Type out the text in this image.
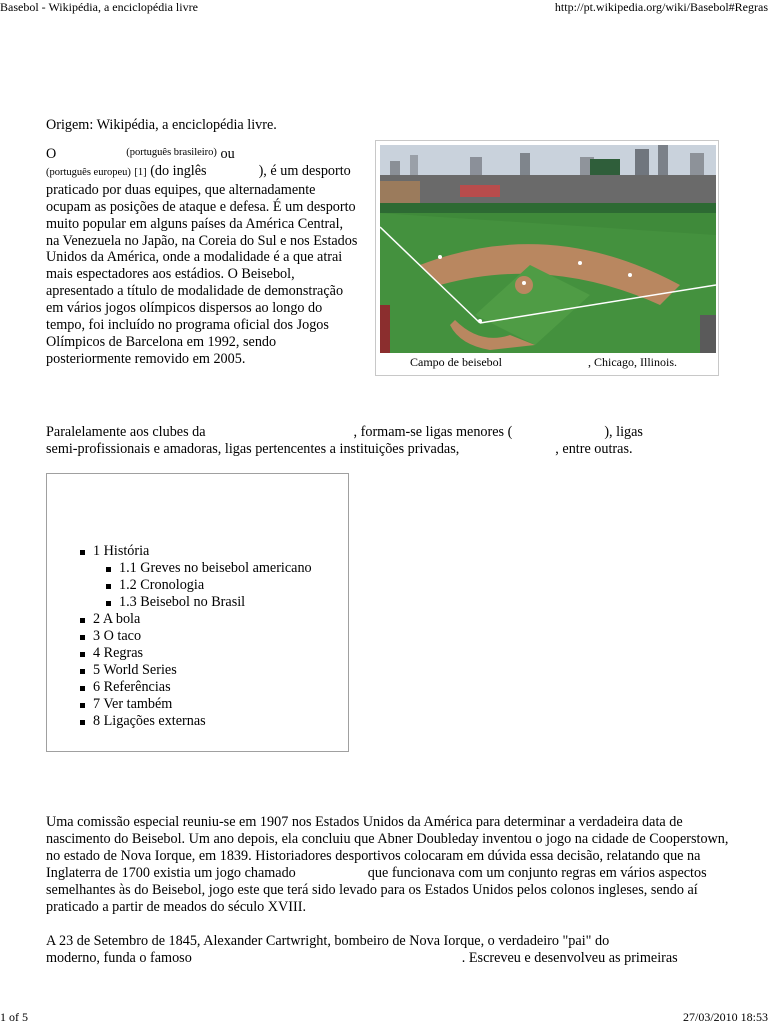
Basebol - Wikipédia, a enciclopédia livre	http://pt.wikipedia.org/wiki/Basebol#Regras

Origem: Wikipédia, a enciclopédia livre.

O	$^{(português brasileiro)}$ ou
(português europeu) [1] (do inglês	), é um desporto praticado por duas equipes, que alternadamente ocupam as posições de ataque e defesa. É um desporto muito popular em alguns países da América Central, na Venezuela no Japão, na Coreia do Sul e nos Estados Unidos da América, onde a modalidade é a que atrai mais espectadores aos estádios. O Beisebol, apresentado a título de modalidade de demonstração em vários jogos olímpicos dispersos ao longo do tempo, foi incluído no programa oficial dos Jogos Olímpicos de Barcelona em 1992, sendo posteriormente removido em 2005.	Campo de beisebol	, Chicago, Illinois.

Paralelamente aos clubes da	, formam-se ligas menores (	), ligas
semi-profissionais e amadoras, ligas pertencentes a instituições privadas,	, entre outras.

1 História
1.1 Greves no beisebol americano
1.2 Cronologia
1.3 Beisebol no Brasil
2 A bola
3 O taco
4 Regras
5 World Series
6 Referências
7 Ver também
8 Ligações externas

Uma comissão especial reuniu-se em 1907 nos Estados Unidos da América para determinar a verdadeira data de nascimento do Beisebol. Um ano depois, ela concluiu que Abner Doubleday inventou o jogo na cidade de Cooperstown, no estado de Nova Iorque, em 1839. Historiadores desportivos colocaram em dúvida essa decisão, relatando que na Inglaterra de 1700 existia um jogo chamado	que funcionava com um conjunto regras em vários aspectos semelhantes às do Beisebol, jogo este que terá sido levado para os Estados Unidos pelos colonos ingleses, sendo aí praticado a partir de meados do século XVIII.

A 23 de Setembro de 1845, Alexander Cartwright, bombeiro de Nova Iorque, o verdadeiro "pai" do
moderno, funda o famoso	. Escreveu e desenvolveu as primeiras

1 of 5	27/03/2010 18:53
